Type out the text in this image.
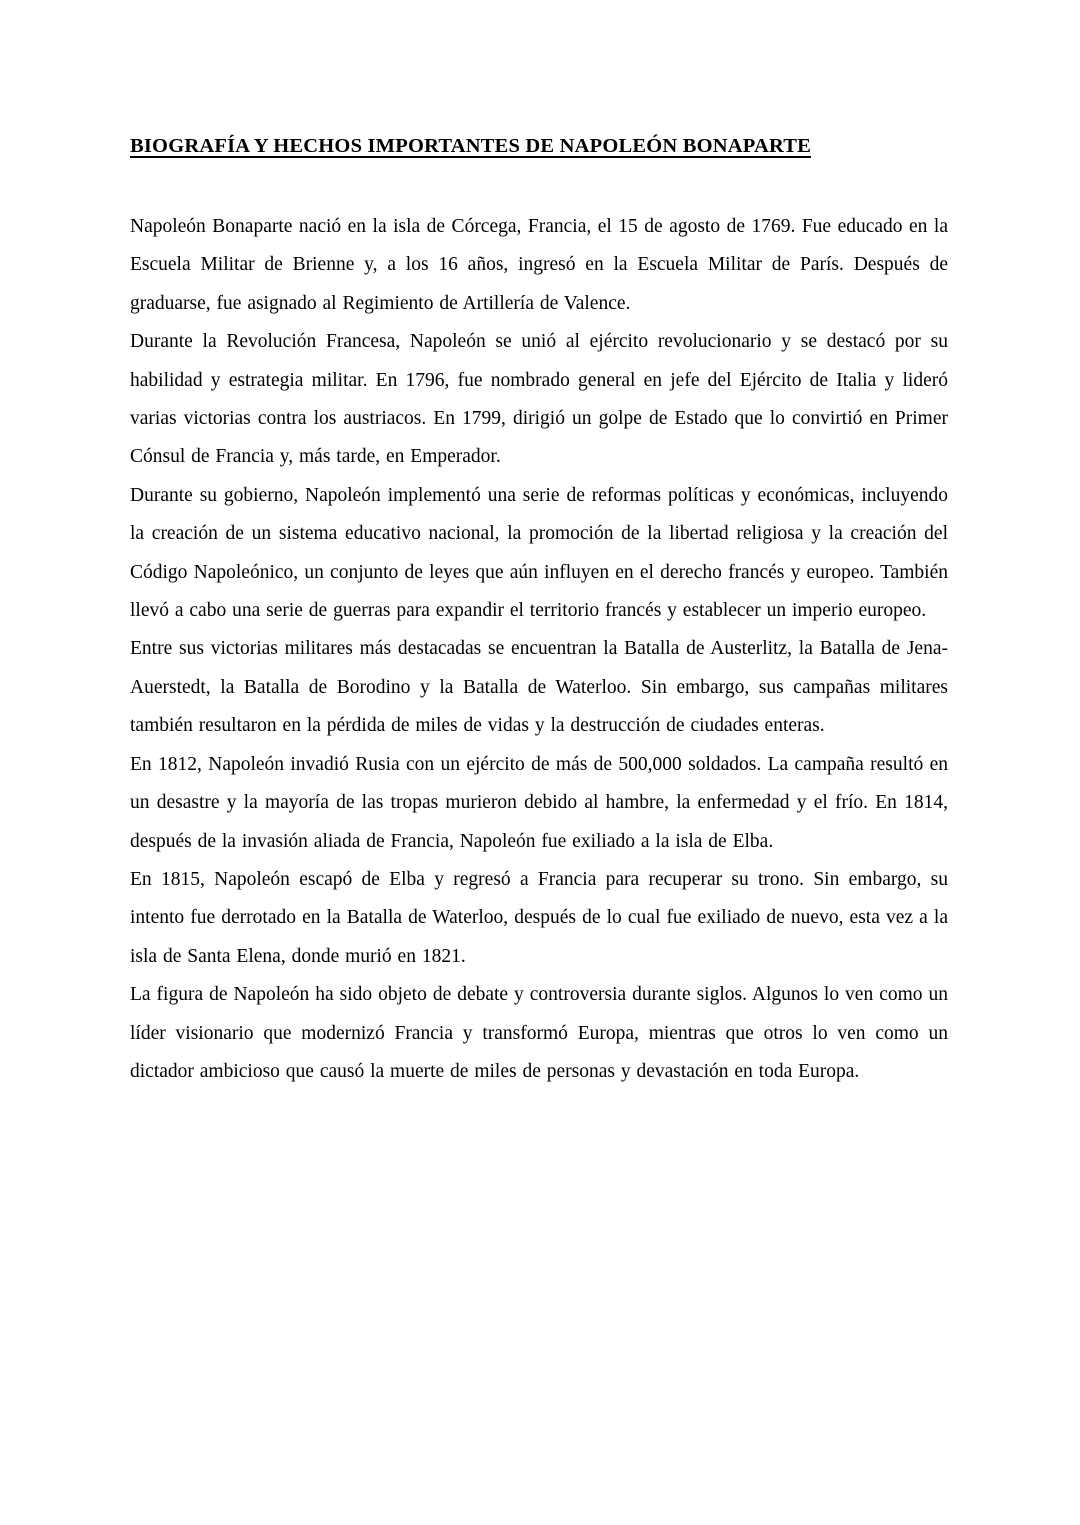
BIOGRAFÍA Y HECHOS IMPORTANTES DE NAPOLEÓN BONAPARTE

Napoleón Bonaparte nació en la isla de Córcega, Francia, el 15 de agosto de 1769. Fue educado en la Escuela Militar de Brienne y, a los 16 años, ingresó en la Escuela Militar de París. Después de graduarse, fue asignado al Regimiento de Artillería de Valence.

Durante la Revolución Francesa, Napoleón se unió al ejército revolucionario y se destacó por su habilidad y estrategia militar. En 1796, fue nombrado general en jefe del Ejército de Italia y lideró varias victorias contra los austriacos. En 1799, dirigió un golpe de Estado que lo convirtió en Primer Cónsul de Francia y, más tarde, en Emperador.

Durante su gobierno, Napoleón implementó una serie de reformas políticas y económicas, incluyendo la creación de un sistema educativo nacional, la promoción de la libertad religiosa y la creación del Código Napoleónico, un conjunto de leyes que aún influyen en el derecho francés y europeo. También llevó a cabo una serie de guerras para expandir el territorio francés y establecer un imperio europeo.

Entre sus victorias militares más destacadas se encuentran la Batalla de Austerlitz, la Batalla de Jena-Auerstedt, la Batalla de Borodino y la Batalla de Waterloo. Sin embargo, sus campañas militares también resultaron en la pérdida de miles de vidas y la destrucción de ciudades enteras.

En 1812, Napoleón invadió Rusia con un ejército de más de 500,000 soldados. La campaña resultó en un desastre y la mayoría de las tropas murieron debido al hambre, la enfermedad y el frío. En 1814, después de la invasión aliada de Francia, Napoleón fue exiliado a la isla de Elba.

En 1815, Napoleón escapó de Elba y regresó a Francia para recuperar su trono. Sin embargo, su intento fue derrotado en la Batalla de Waterloo, después de lo cual fue exiliado de nuevo, esta vez a la isla de Santa Elena, donde murió en 1821.

La figura de Napoleón ha sido objeto de debate y controversia durante siglos. Algunos lo ven como un líder visionario que modernizó Francia y transformó Europa, mientras que otros lo ven como un dictador ambicioso que causó la muerte de miles de personas y devastación en toda Europa.
